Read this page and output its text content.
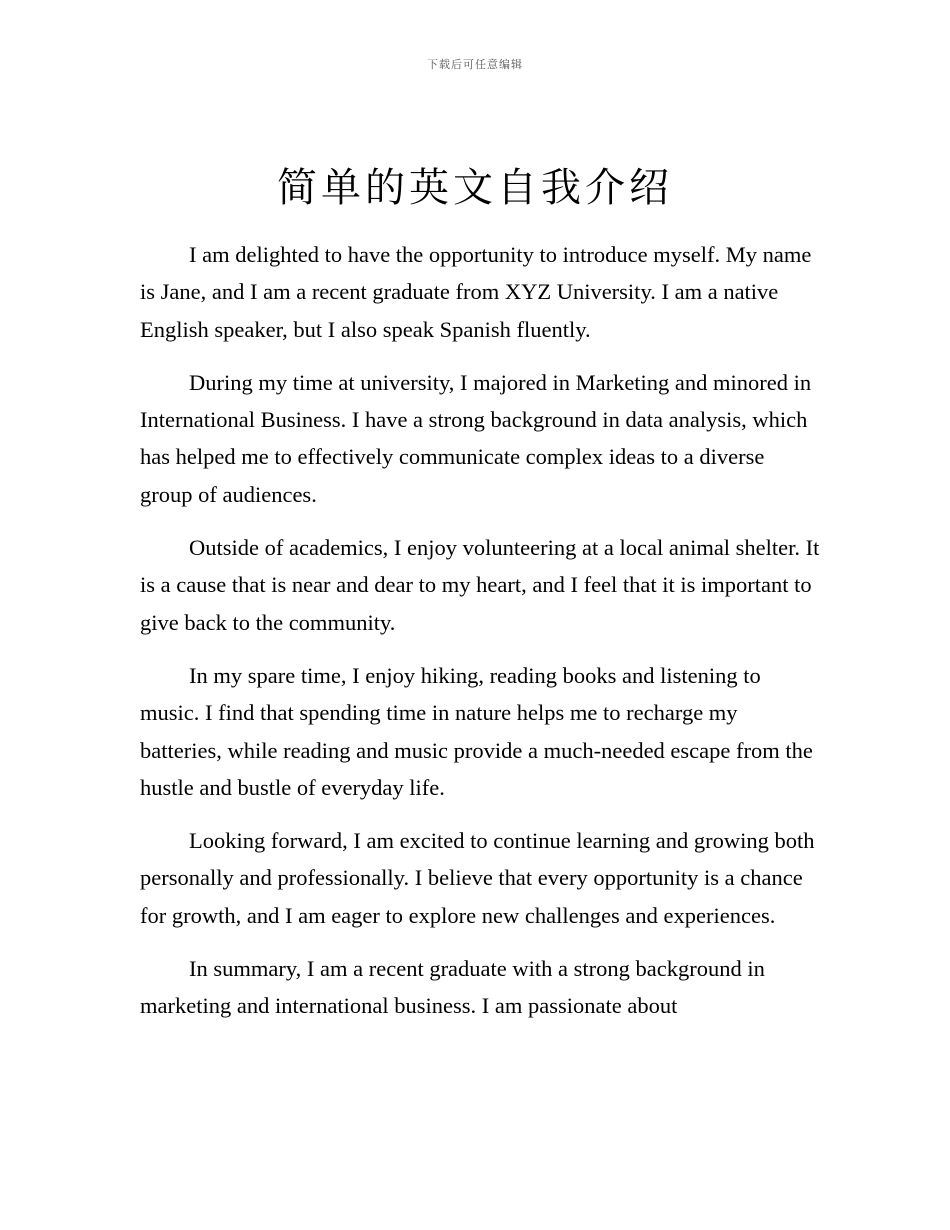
下载后可任意编辑
简单的英文自我介绍

I am delighted to have the opportunity to introduce myself. My name is Jane, and I am a recent graduate from XYZ University. I am a native English speaker, but I also speak Spanish fluently.

During my time at university, I majored in Marketing and minored in International Business. I have a strong background in data analysis, which has helped me to effectively communicate complex ideas to a diverse group of audiences.

Outside of academics, I enjoy volunteering at a local animal shelter. It is a cause that is near and dear to my heart, and I feel that it is important to give back to the community.

In my spare time, I enjoy hiking, reading books and listening to music. I find that spending time in nature helps me to recharge my batteries, while reading and music provide a much-needed escape from the hustle and bustle of everyday life.

Looking forward, I am excited to continue learning and growing both personally and professionally. I believe that every opportunity is a chance for growth, and I am eager to explore new challenges and experiences.

In summary, I am a recent graduate with a strong background in marketing and international business. I am passionate about
